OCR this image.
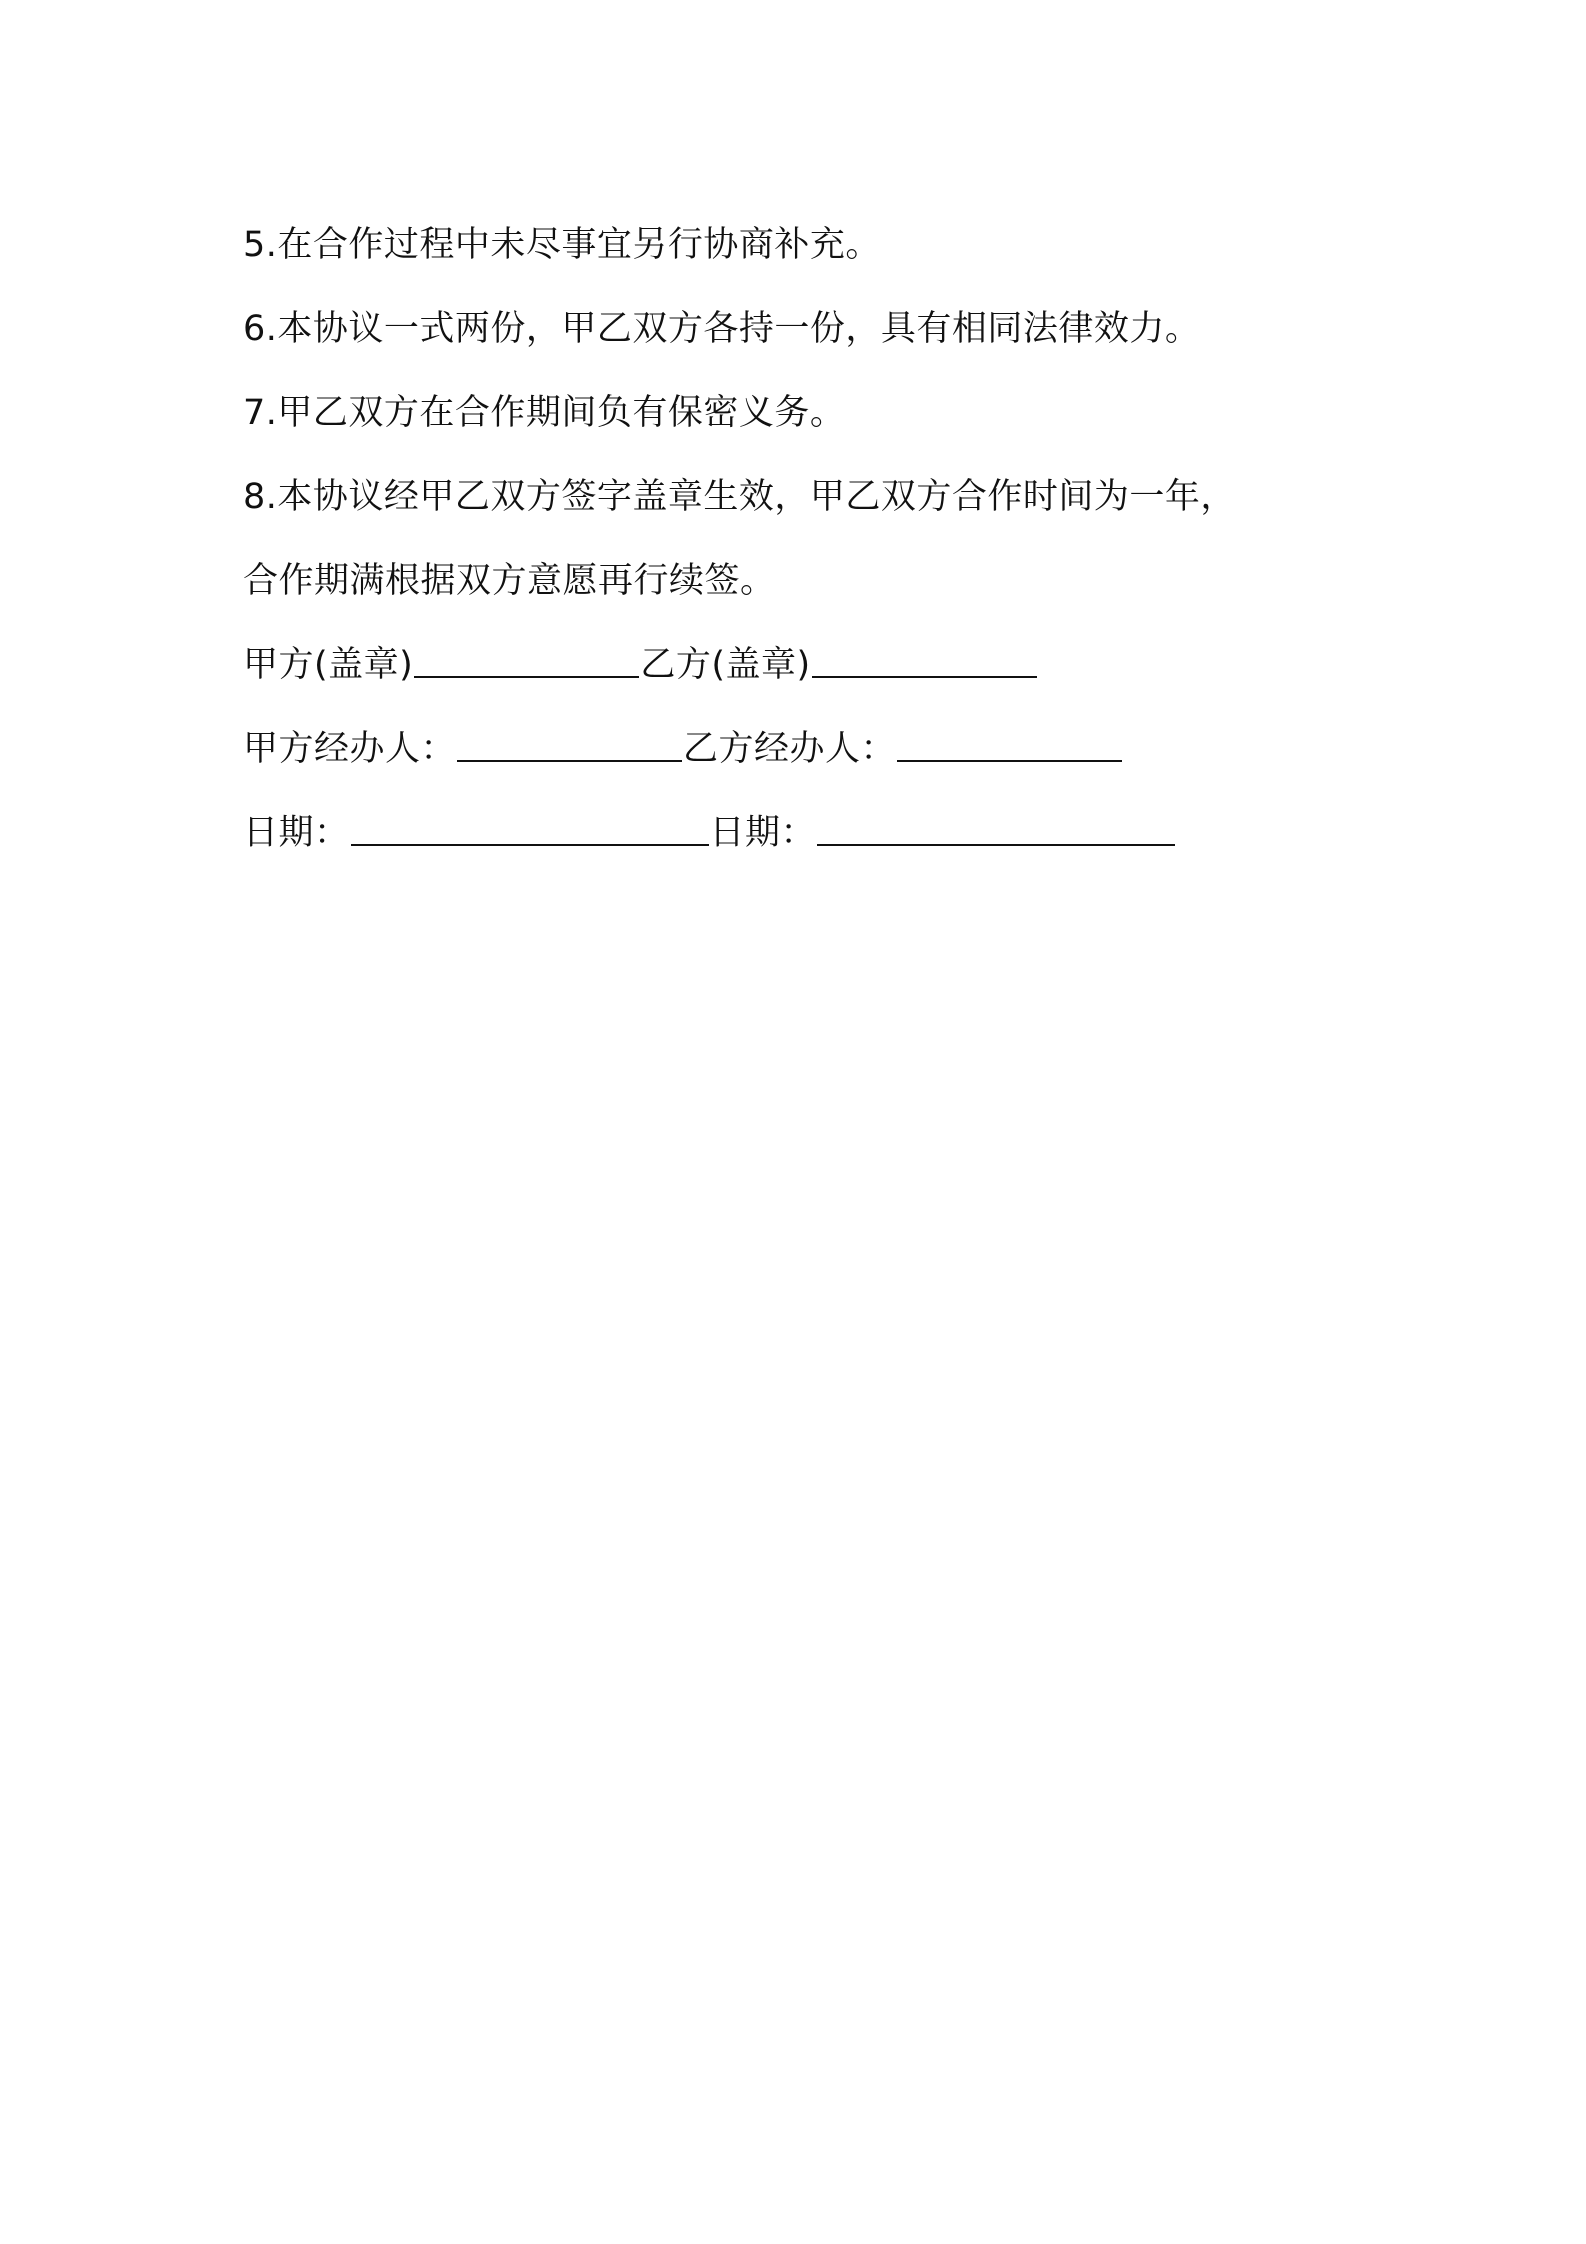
5.在合作过程中未尽事宜另行协商补充。
6.本协议一式两份，甲乙双方各持一份，具有相同法律效力。
7.甲乙双方在合作期间负有保密义务。
8.本协议经甲乙双方签字盖章生效，甲乙双方合作时间为一年，
合作期满根据双方意愿再行续签。
甲方(盖章)	乙方(盖章)
甲方经办人：	乙方经办人：
日期：	日期：
